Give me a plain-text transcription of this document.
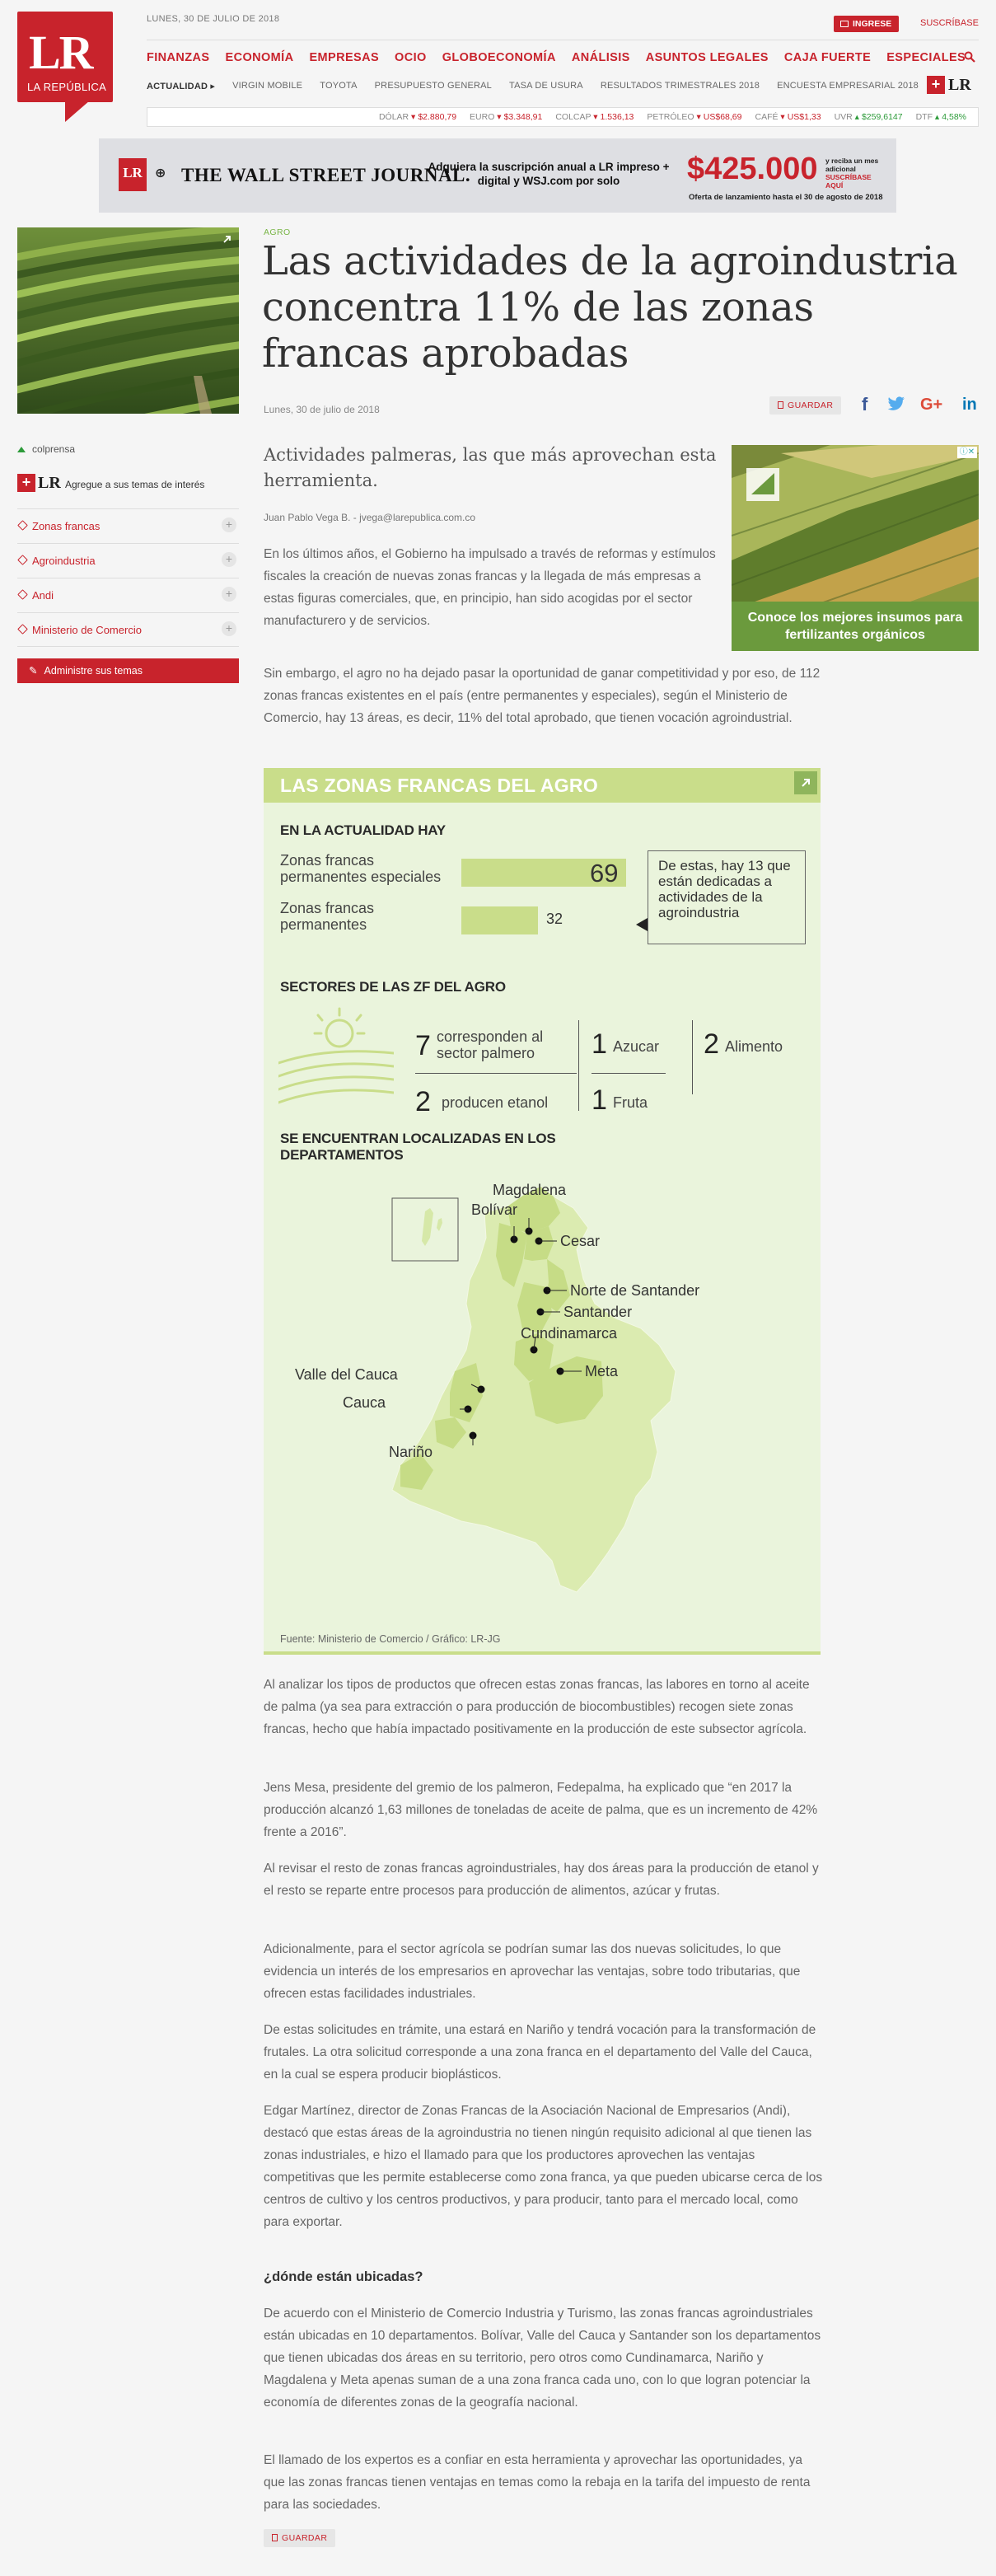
LR
LA REPÚBLICA
LUNES, 30 DE JULIO DE 2018	INGRESE	SUSCRÍBASE
FINANZAS ECONOMÍA EMPRESAS OCIO GLOBOECONOMÍA ANÁLISIS ASUNTOS LEGALES CAJA FUERTE ESPECIALES
ACTUALIDAD ▸ VIRGIN MOBILE TOYOTA PRESUPUESTO GENERAL TASA DE USURA RESULTADOS TRIMESTRALES 2018 ENCUESTA EMPRESARIAL 2018 + LR
DÓLAR ▾ $2.880,79 EURO ▾ $3.348,91 COLCAP ▾ 1.536,13 PETRÓLEO ▾ US$68,69 CAFÉ ▾ US$1,33 UVR ▴ $259,6147 DTF ▴ 4,58%
LR ⊕ THE WALL STREET JOURNAL.
Adquiera la suscripción anual a LR impreso + digital y WSJ.com por solo	$425.000 y reciba un mes adicional
SUSCRÍBASE AQUÍ
Oferta de lanzamiento hasta el 30 de agosto de 2018
AGRO
Las actividades de la agroindustria concentra 11% de las zonas francas aprobadas
Lunes, 30 de julio de 2018	GUARDAR	f	G+ in
colprensa
+ LR Agregue a sus temas de interés
Zonas francas	+
Agroindustria	+
Andi	+
Ministerio de Comercio	+
✎ Administre sus temas
Actividades palmeras, las que más aprovechan esta herramienta.
Juan Pablo Vega B. - jvega@larepublica.com.co
ⓘ✕
Conoce los mejores insumos para fertilizantes orgánicos

En los últimos años, el Gobierno ha impulsado a través de reformas y estímulos fiscales la creación de nuevas zonas francas y la llegada de más empresas a estas figuras comerciales, que, en principio, han sido acogidas por el sector manufacturero y de servicios.

Sin embargo, el agro no ha dejado pasar la oportunidad de ganar competitividad y por eso, de 112 zonas francas existentes en el país (entre permanentes y especiales), según el Ministerio de Comercio, hay 13 áreas, es decir, 11% del total aprobado, que tienen vocación agroindustrial.

LAS ZONAS FRANCAS DEL AGRO
EN LA ACTUALIDAD HAY
Zonas francas permanentes especiales	69
Zonas francas permanentes	32
De estas, hay 13 que están dedicadas a actividades de la agroindustria
SECTORES DE LAS ZF DEL AGRO
7 corresponden al sector palmero
2 producen etanol
1 Azucar
1 Fruta
2 Alimento
SE ENCUENTRAN LOCALIZADAS EN LOS DEPARTAMENTOS
Magdalena
Bolívar
Cesar
Norte de Santander
Santander
Cundinamarca
Meta
Valle del Cauca
Cauca
Nariño
Fuente: Ministerio de Comercio / Gráfico: LR-JG

Al analizar los tipos de productos que ofrecen estas zonas francas, las labores en torno al aceite de palma (ya sea para extracción o para producción de biocombustibles) recogen siete zonas francas, hecho que había impactado positivamente en la producción de este subsector agrícola.

Jens Mesa, presidente del gremio de los palmeron, Fedepalma, ha explicado que “en 2017 la producción alcanzó 1,63 millones de toneladas de aceite de palma, que es un incremento de 42% frente a 2016”.

Al revisar el resto de zonas francas agroindustriales, hay dos áreas para la producción de etanol y el resto se reparte entre procesos para producción de alimentos, azúcar y frutas.

Adicionalmente, para el sector agrícola se podrían sumar las dos nuevas solicitudes, lo que evidencia un interés de los empresarios en aprovechar las ventajas, sobre todo tributarias, que ofrecen estas facilidades industriales.

De estas solicitudes en trámite, una estará en Nariño y tendrá vocación para la transformación de frutales. La otra solicitud corresponde a una zona franca en el departamento del Valle del Cauca, en la cual se espera producir bioplásticos.

Edgar Martínez, director de Zonas Francas de la Asociación Nacional de Empresarios (Andi), destacó que estas áreas de la agroindustria no tienen ningún requisito adicional al que tienen las zonas industriales, e hizo el llamado para que los productores aprovechen las ventajas competitivas que les permite establecerse como zona franca, ya que pueden ubicarse cerca de los centros de cultivo y los centros productivos, y para producir, tanto para el mercado local, como para exportar.

¿dónde están ubicadas?

De acuerdo con el Ministerio de Comercio Industria y Turismo, las zonas francas agroindustriales están ubicadas en 10 departamentos. Bolívar, Valle del Cauca y Santander son los departamentos que tienen ubicadas dos áreas en su territorio, pero otros como Cundinamarca, Nariño y Magdalena y Meta apenas suman de a una zona franca cada uno, con lo que logran potenciar la economía de diferentes zonas de la geografía nacional.

El llamado de los expertos es a confiar en esta herramienta y aprovechar las oportunidades, ya que las zonas francas tienen ventajas en temas como la rebaja en la tarifa del impuesto de renta para las sociedades.

GUARDAR
